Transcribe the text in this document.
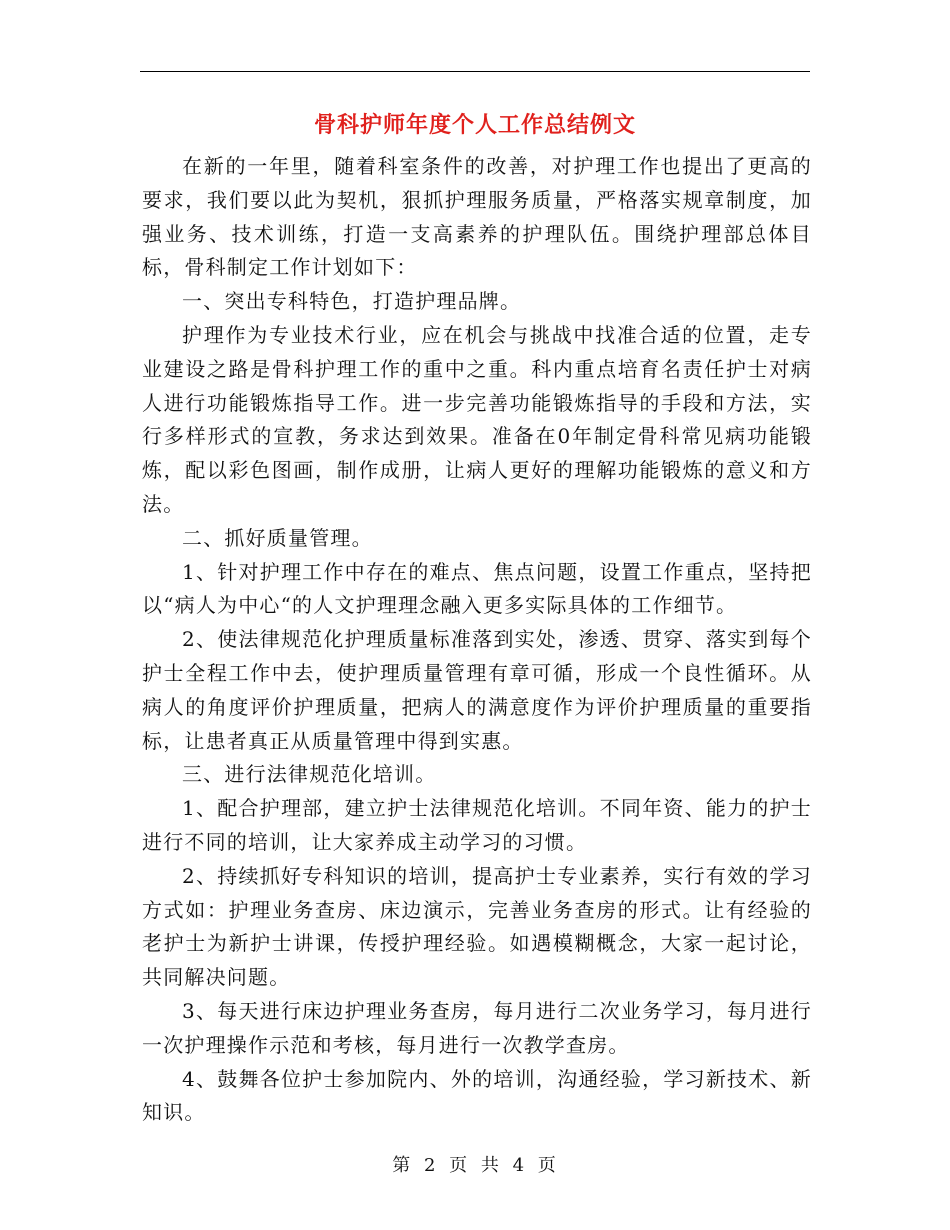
骨科护师年度个人工作总结例文

在新的一年里，随着科室条件的改善，对护理工作也提出了更高的要求，我们要以此为契机，狠抓护理服务质量，严格落实规章制度，加强业务、技术训练，打造一支高素养的护理队伍。围绕护理部总体目标，骨科制定工作计划如下：

一、突出专科特色，打造护理品牌。

护理作为专业技术行业，应在机会与挑战中找准合适的位置，走专业建设之路是骨科护理工作的重中之重。科内重点培育名责任护士对病人进行功能锻炼指导工作。进一步完善功能锻炼指导的手段和方法，实行多样形式的宣教，务求达到效果。准备在0年制定骨科常见病功能锻炼，配以彩色图画，制作成册，让病人更好的理解功能锻炼的意义和方法。

二、抓好质量管理。

1、针对护理工作中存在的难点、焦点问题，设置工作重点，坚持把以“病人为中心“的人文护理理念融入更多实际具体的工作细节。

2、使法律规范化护理质量标准落到实处，渗透、贯穿、落实到每个护士全程工作中去，使护理质量管理有章可循，形成一个良性循环。从病人的角度评价护理质量，把病人的满意度作为评价护理质量的重要指标，让患者真正从质量管理中得到实惠。

三、进行法律规范化培训。

1、配合护理部，建立护士法律规范化培训。不同年资、能力的护士进行不同的培训，让大家养成主动学习的习惯。

2、持续抓好专科知识的培训，提高护士专业素养，实行有效的学习方式如：护理业务查房、床边演示，完善业务查房的形式。让有经验的老护士为新护士讲课，传授护理经验。如遇模糊概念，大家一起讨论，共同解决问题。

3、每天进行床边护理业务查房，每月进行二次业务学习，每月进行一次护理操作示范和考核，每月进行一次教学查房。

4、鼓舞各位护士参加院内、外的培训，沟通经验，学习新技术、新知识。

第 2 页 共 4 页
